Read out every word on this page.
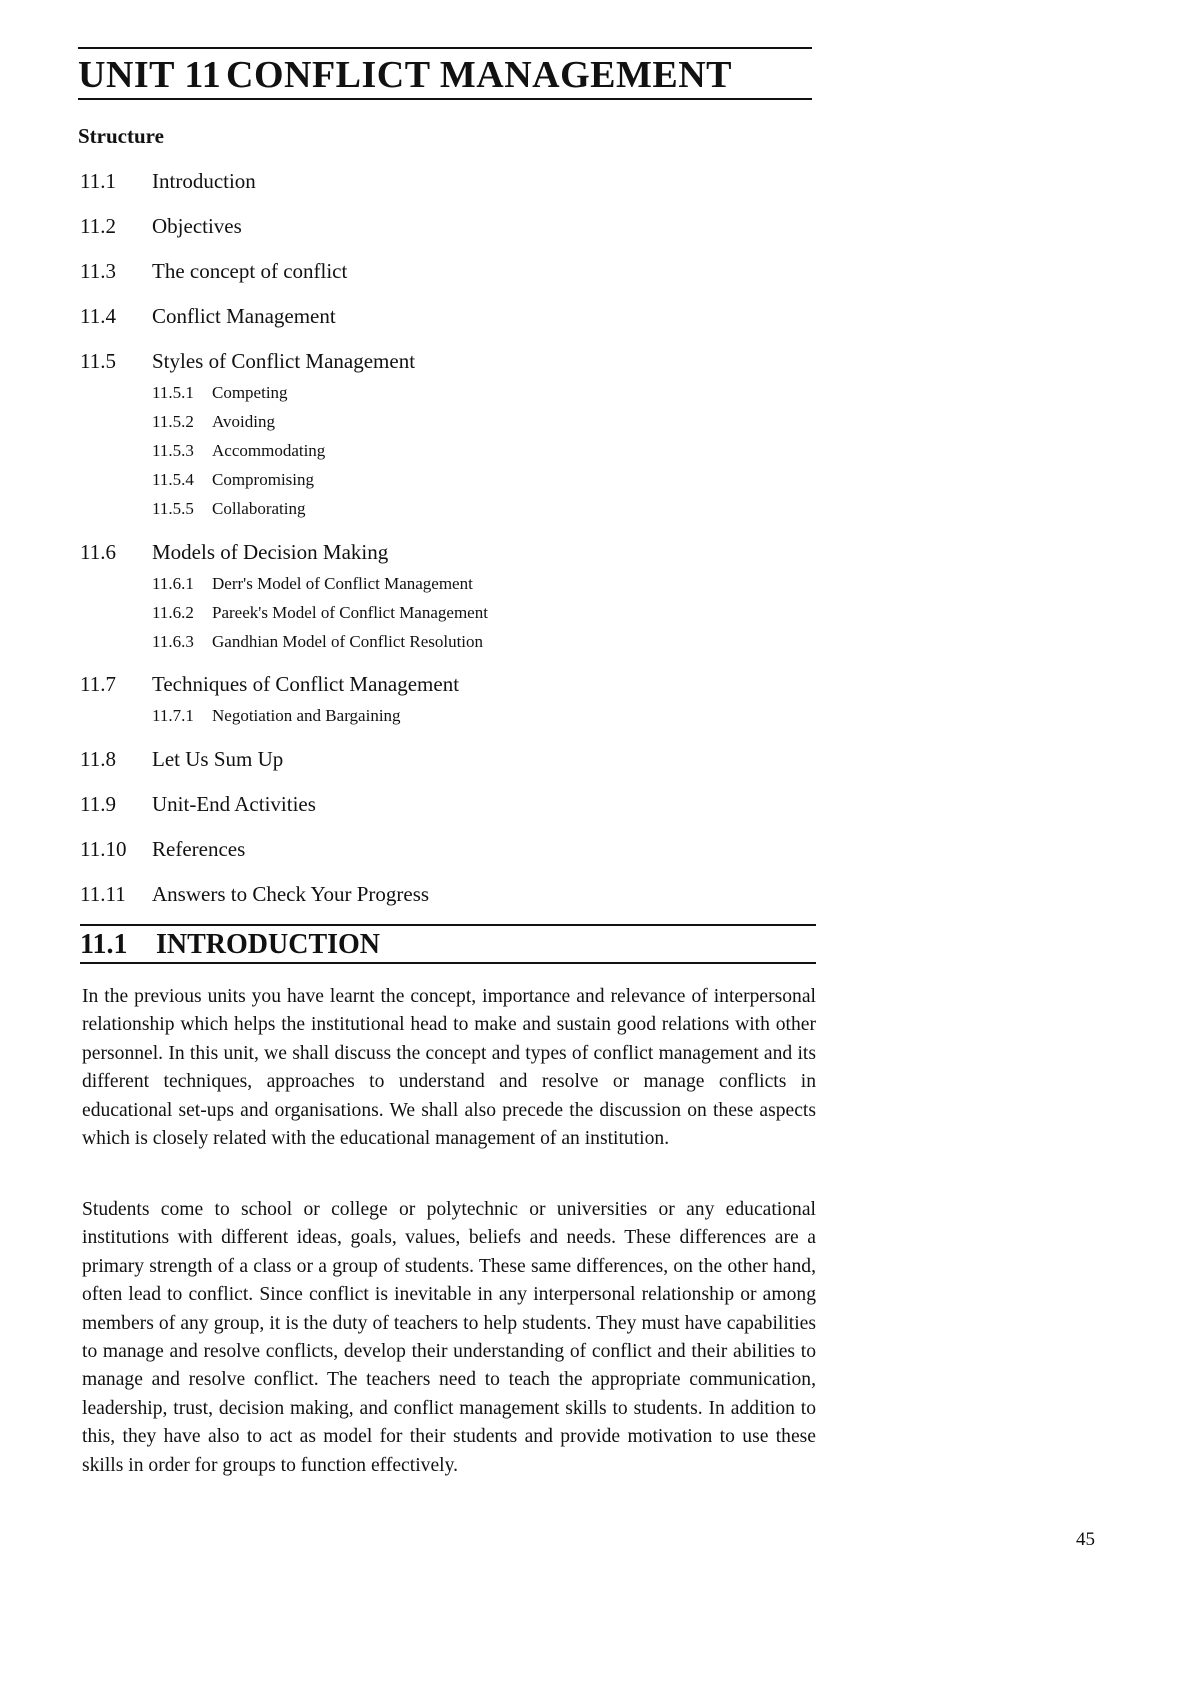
UNIT 11 CONFLICT MANAGEMENT

Structure

11.1 Introduction
11.2 Objectives
11.3 The concept of conflict
11.4 Conflict Management
11.5 Styles of Conflict Management
11.5.1 Competing
11.5.2 Avoiding
11.5.3 Accommodating
11.5.4 Compromising
11.5.5 Collaborating
11.6 Models of Decision Making
11.6.1 Derr's Model of Conflict Management
11.6.2 Pareek's Model of Conflict Management
11.6.3 Gandhian Model of Conflict Resolution
11.7 Techniques of Conflict Management
11.7.1 Negotiation and Bargaining
11.8 Let Us Sum Up
11.9 Unit-End Activities
11.10 References
11.11 Answers to Check Your Progress
11.1 INTRODUCTION

In the previous units you have learnt the concept, importance and relevance of interpersonal relationship which helps the institutional head to make and sustain good relations with other personnel. In this unit, we shall discuss the concept and types of conflict management and its different techniques, approaches to understand and resolve or manage conflicts in educational set-ups and organisations. We shall also precede the discussion on these aspects which is closely related with the educational management of an institution.

Students come to school or college or polytechnic or universities or any educational institutions with different ideas, goals, values, beliefs and needs. These differences are a primary strength of a class or a group of students. These same differences, on the other hand, often lead to conflict. Since conflict is inevitable in any interpersonal relationship or among members of any group, it is the duty of teachers to help students. They must have capabilities to manage and resolve conflicts, develop their understanding of conflict and their abilities to manage and resolve conflict. The teachers need to teach the appropriate communication, leadership, trust, decision making, and conflict management skills to students. In addition to this, they have also to act as model for their students and provide motivation to use these skills in order for groups to function effectively.

45
